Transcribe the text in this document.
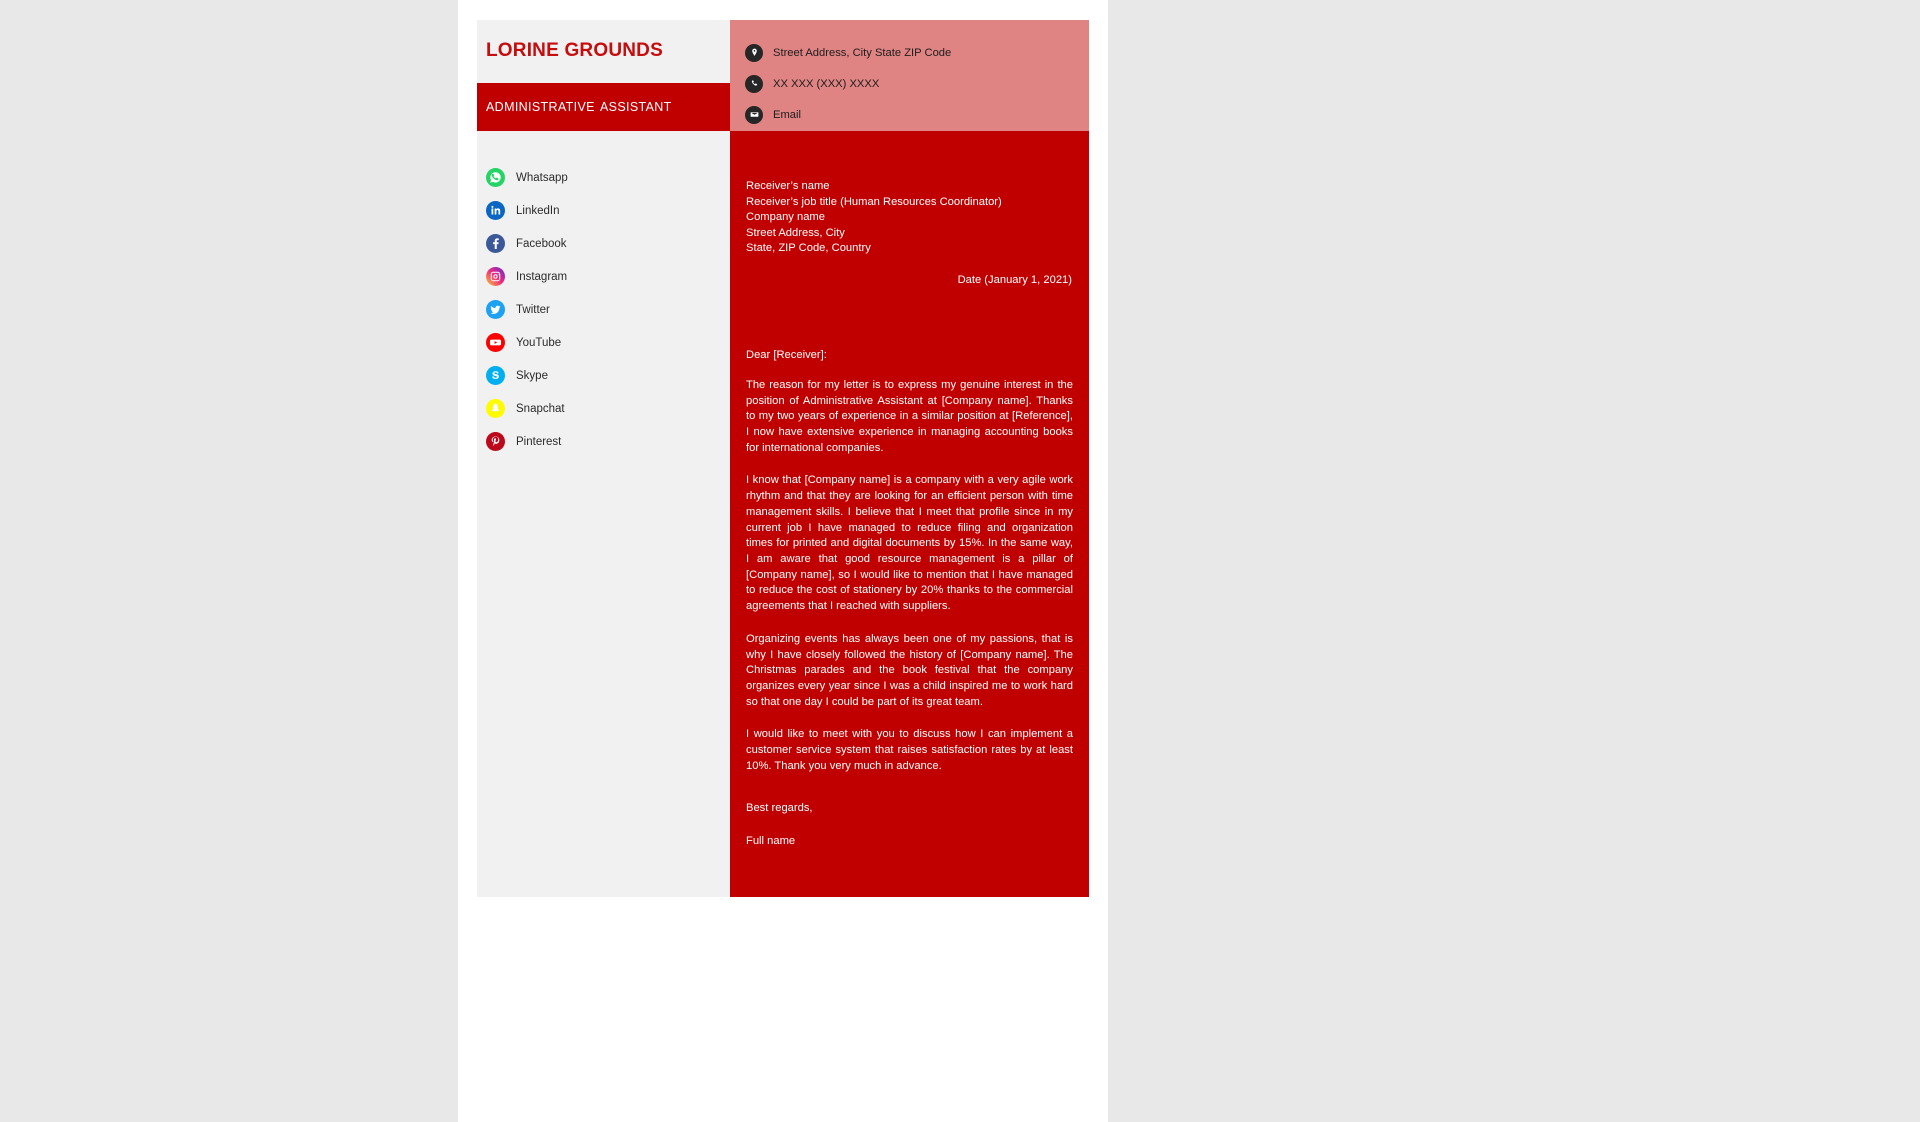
LORINE GROUNDS
ADMINISTRATIVE ASSISTANT
Whatsapp
LinkedIn
Facebook
Instagram
Twitter
YouTube
Skype
Snapchat
Pinterest
Street Address, City State ZIP Code
XX XXX (XXX) XXXX
Email
Receiver’s name
Receiver’s job title (Human Resources Coordinator)
Company name
Street Address, City
State, ZIP Code, Country
Date (January 1, 2021)
Dear [Receiver]:
The reason for my letter is to express my genuine interest in the position of Administrative Assistant at [Company name]. Thanks to my two years of experience in a similar position at [Reference], I now have extensive experience in managing accounting books for international companies.
I know that [Company name] is a company with a very agile work rhythm and that they are looking for an efficient person with time management skills. I believe that I meet that profile since in my current job I have managed to reduce filing and organization times for printed and digital documents by 15%. In the same way, I am aware that good resource management is a pillar of [Company name], so I would like to mention that I have managed to reduce the cost of stationery by 20% thanks to the commercial agreements that I reached with suppliers.
Organizing events has always been one of my passions, that is why I have closely followed the history of [Company name]. The Christmas parades and the book festival that the company organizes every year since I was a child inspired me to work hard so that one day I could be part of its great team.
I would like to meet with you to discuss how I can implement a customer service system that raises satisfaction rates by at least 10%. Thank you very much in advance.
Best regards,
Full name
